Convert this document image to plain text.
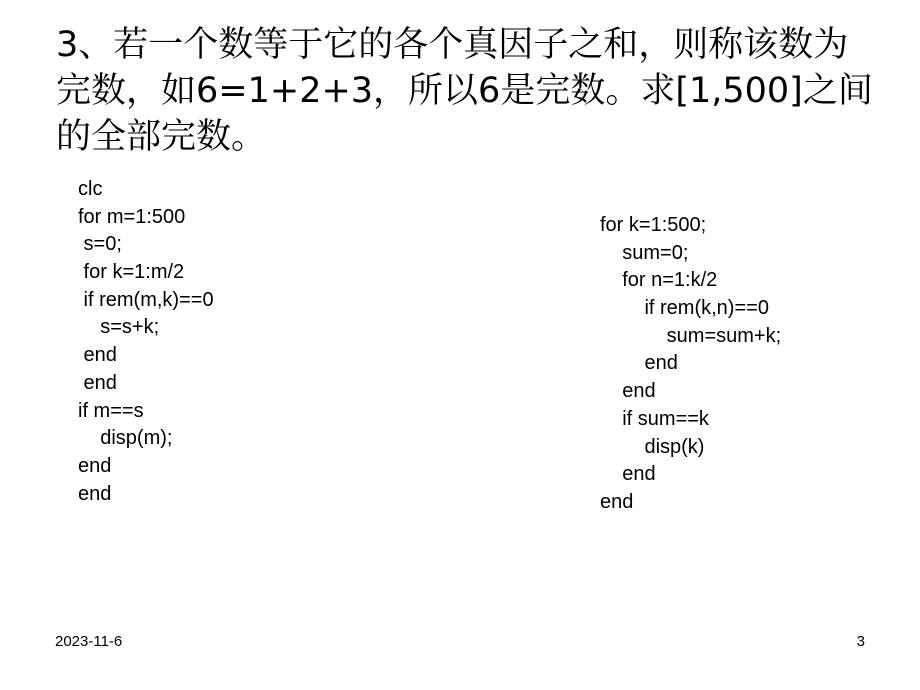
3、若一个数等于它的各个真因子之和，则称该数为
完数，如6=1+2+3，所以6是完数。求[1,500]之间
的全部完数。
clc
for m=1:500
s=0;
for k=1:m/2
if rem(m,k)==0
s=s+k;
end
end
if m==s
disp(m);
end
end
for k=1:500;
sum=0;
for n=1:k/2
if rem(k,n)==0
sum=sum+k;
end
end
if sum==k
disp(k)
end
end
2023-11-6	3
